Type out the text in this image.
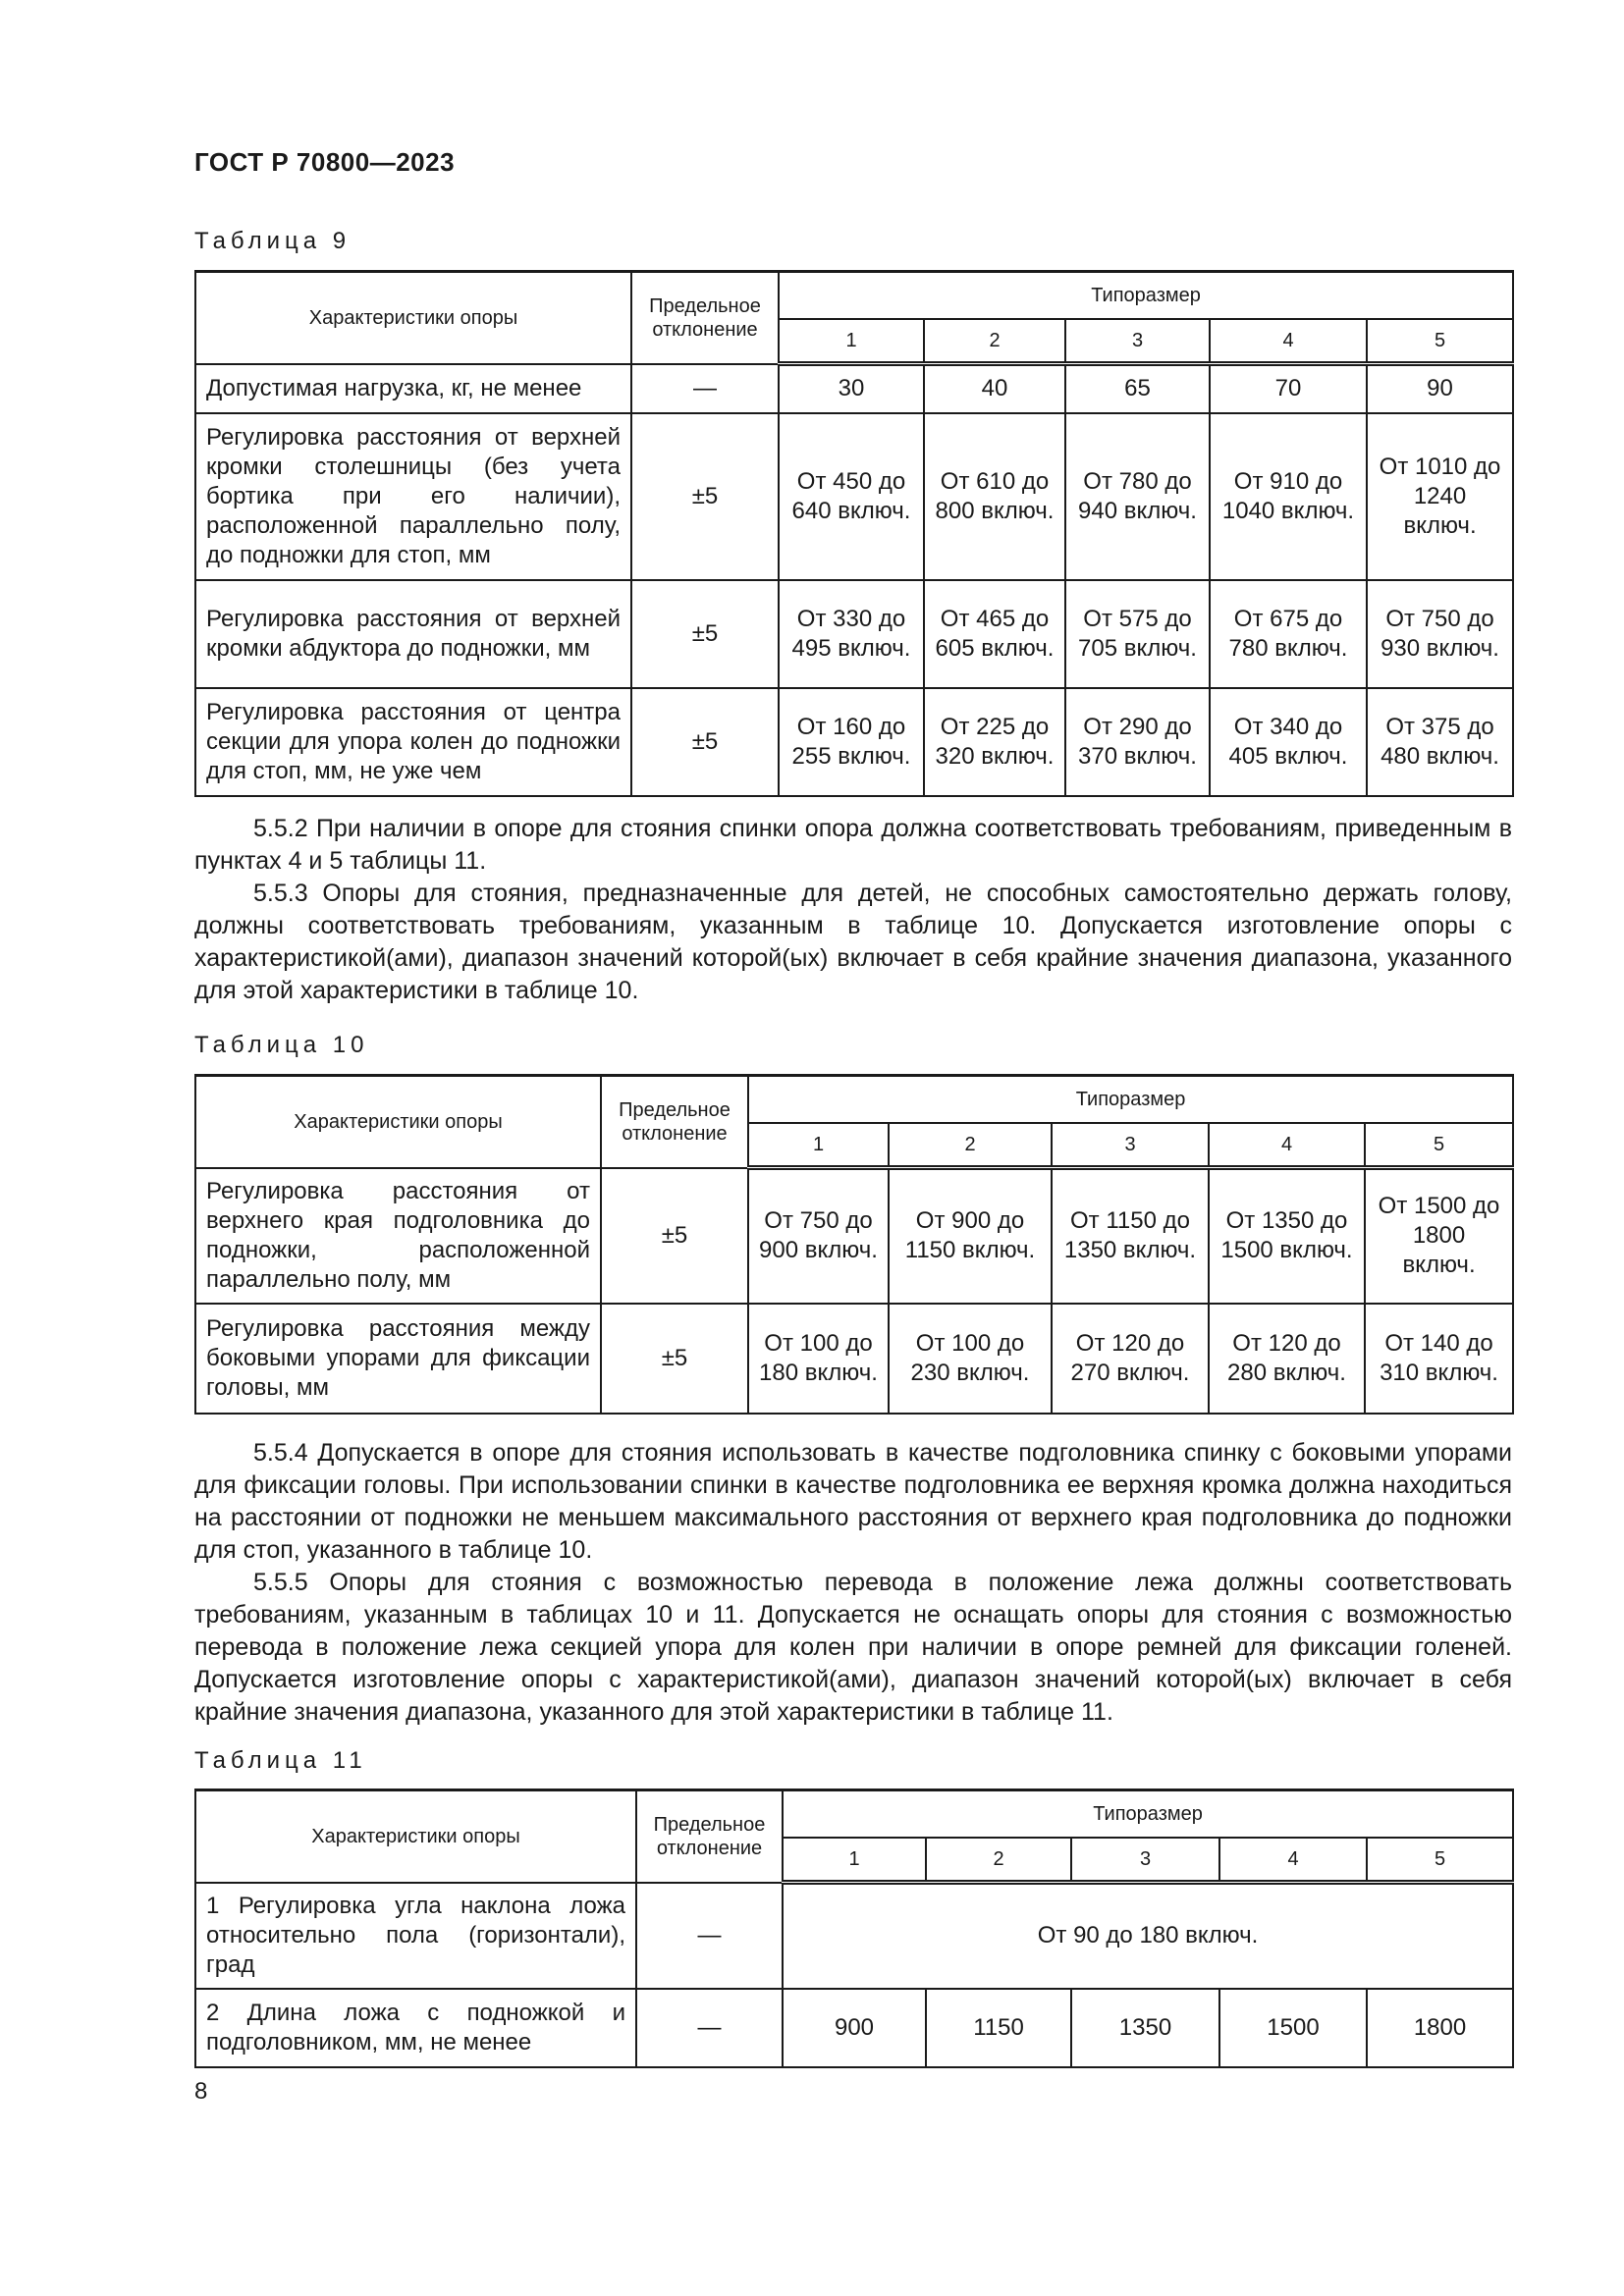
ГОСТ Р 70800—2023
Таблица 9
Характеристики опоры	Предельное отклонение	Типоразмер				
		1	2	3	4	5
Допустимая нагрузка, кг, не менее	—	30	40	65	70	90
Регулировка расстояния от верхней кромки столешницы (без учета бортика при его наличии), расположенной параллельно полу, до подножки для стоп, мм	±5	От 450 до 640 включ.	От 610 до 800 включ.	От 780 до 940 включ.	От 910 до 1040 включ.	От 1010 до 1240 включ.
Регулировка расстояния от верхней кромки абдуктора до подножки, мм	±5	От 330 до 495 включ.	От 465 до 605 включ.	От 575 до 705 включ.	От 675 до 780 включ.	От 750 до 930 включ.
Регулировка расстояния от центра секции для упора колен до подножки для стоп, мм, не уже чем	±5	От 160 до 255 включ.	От 225 до 320 включ.	От 290 до 370 включ.	От 340 до 405 включ.	От 375 до 480 включ.

5.5.2 При наличии в опоре для стояния спинки опора должна соответствовать требованиям, приведенным в пунктах 4 и 5 таблицы 11.

5.5.3 Опоры для стояния, предназначенные для детей, не способных самостоятельно держать голову, должны соответствовать требованиям, указанным в таблице 10. Допускается изготовление опоры с характеристикой(ами), диапазон значений которой(ых) включает в себя крайние значения диапазона, указанного для этой характеристики в таблице 10.

Таблица 10
Характеристики опоры	Предельное отклонение	Типоразмер				
		1	2	3	4	5
Регулировка расстояния от верхнего края подголовника до подножки, расположенной параллельно полу, мм	±5	От 750 до 900 включ.	От 900 до 1150 включ.	От 1150 до 1350 включ.	От 1350 до 1500 включ.	От 1500 до 1800 включ.
Регулировка расстояния между боковыми упорами для фиксации головы, мм	±5	От 100 до 180 включ.	От 100 до 230 включ.	От 120 до 270 включ.	От 120 до 280 включ.	От 140 до 310 включ.

5.5.4 Допускается в опоре для стояния использовать в качестве подголовника спинку с боковыми упорами для фиксации головы. При использовании спинки в качестве подголовника ее верхняя кромка должна находиться на расстоянии от подножки не меньшем максимального расстояния от верхнего края подголовника до подножки для стоп, указанного в таблице 10.

5.5.5 Опоры для стояния с возможностью перевода в положение лежа должны соответствовать требованиям, указанным в таблицах 10 и 11. Допускается не оснащать опоры для стояния с возможностью перевода в положение лежа секцией упора для колен при наличии в опоре ремней для фиксации голеней. Допускается изготовление опоры с характеристикой(ами), диапазон значений которой(ых) включает в себя крайние значения диапазона, указанного для этой характеристики в таблице 11.

Таблица 11
Характеристики опоры	Предельное отклонение	Типоразмер				
		1	2	3	4	5
1 Регулировка угла наклона ложа относительно пола (горизонтали), град	—	От 90 до 180 включ.				
2 Длина ложа с подножкой и подголовником, мм, не менее	—	900	1150	1350	1500	1800
8
